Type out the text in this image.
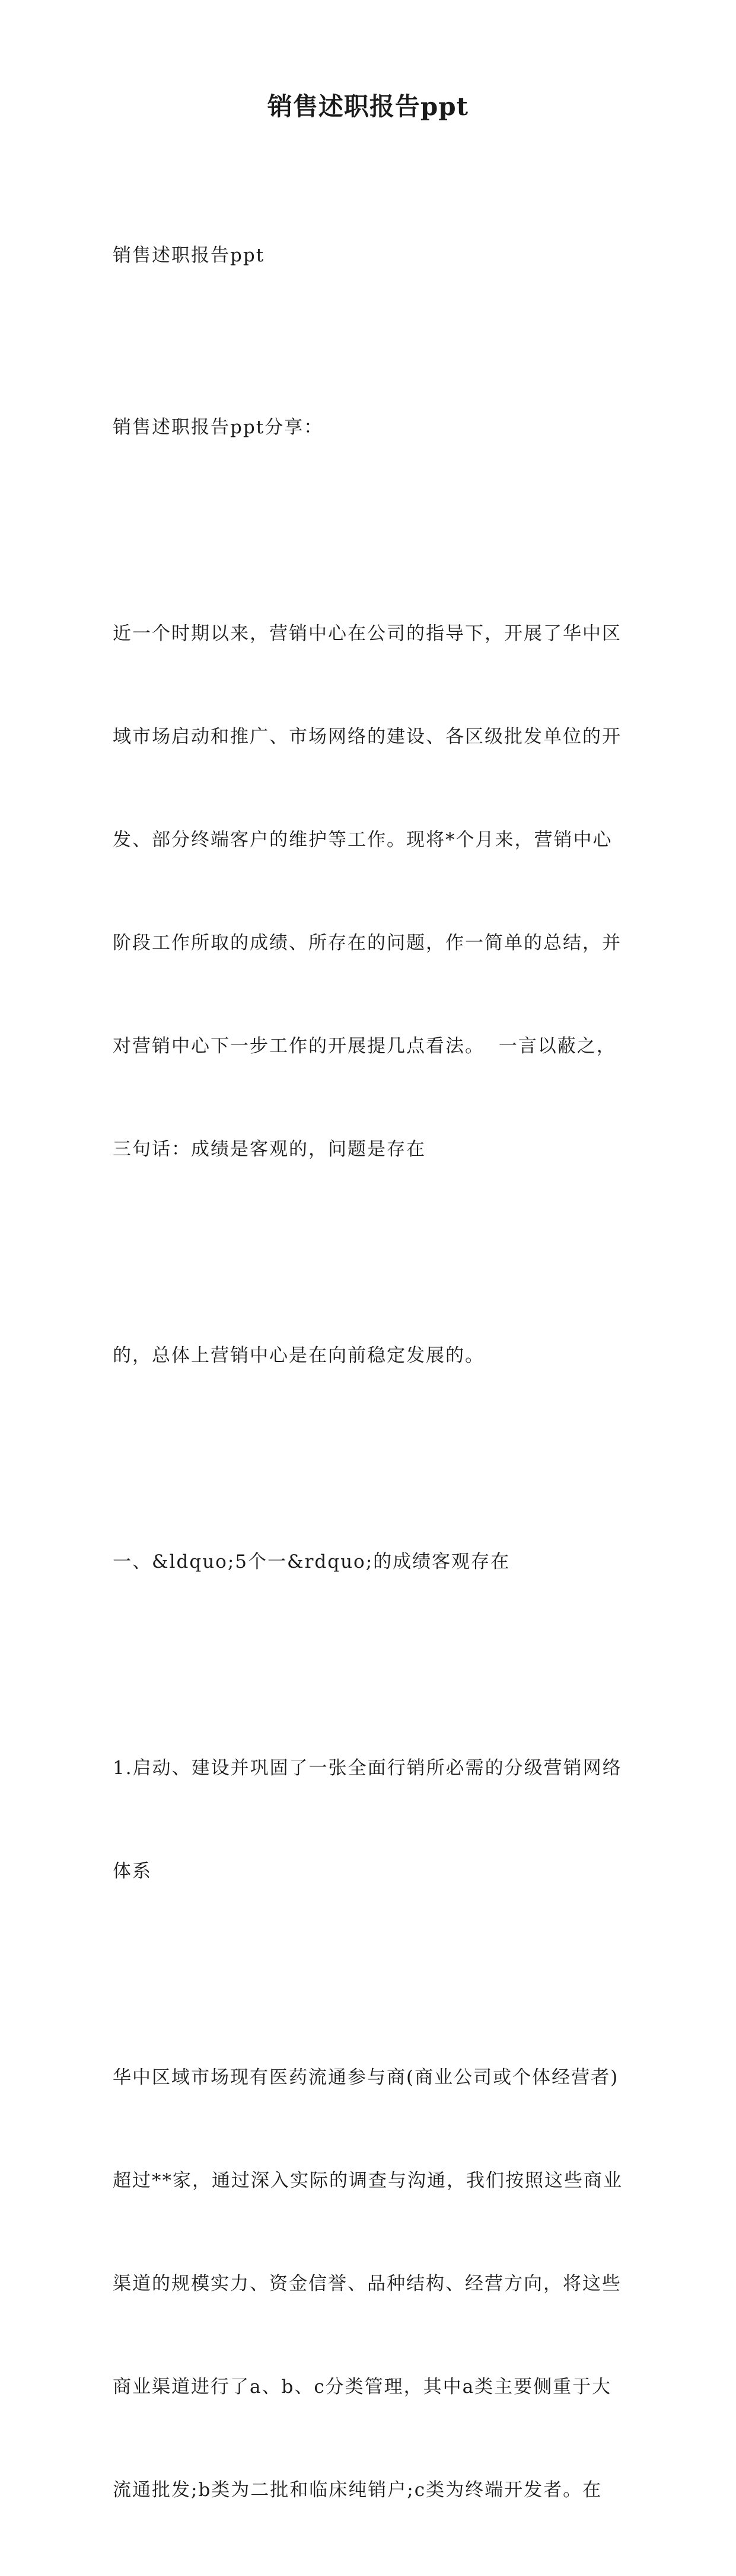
销售述职报告ppt

销售述职报告ppt

销售述职报告ppt分享：

近一个时期以来，营销中心在公司的指导下，开展了华中区

域市场启动和推广、市场网络的建设、各区级批发单位的开

发、部分终端客户的维护等工作。现将*个月来，营销中心

阶段工作所取的成绩、所存在的问题，作一简单的总结，并

对营销中心下一步工作的开展提几点看法。  一言以蔽之，

三句话：成绩是客观的，问题是存在

的，总体上营销中心是在向前稳定发展的。

一、&ldquo;5个一&rdquo;的成绩客观存在

1.启动、建设并巩固了一张全面行销所必需的分级营销网络

体系

华中区域市场现有医药流通参与商(商业公司或个体经营者)

超过**家，通过深入实际的调查与沟通，我们按照这些商业

渠道的规模实力、资金信誉、品种结构、经营方向，将这些

商业渠道进行了a、b、c分类管理，其中a类主要侧重于大

流通批发;b类为二批和临床纯销户;c类为终端开发者。在
